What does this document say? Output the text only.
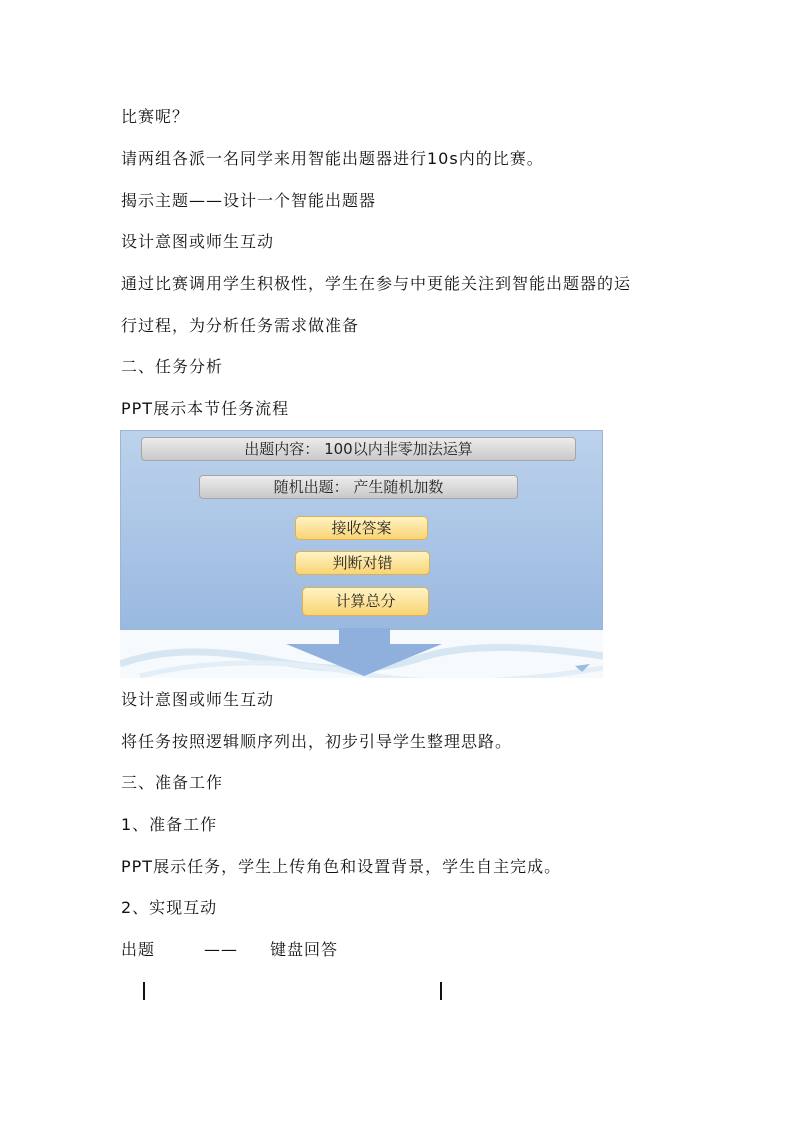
比赛呢？

请两组各派一名同学来用智能出题器进行10s内的比赛。

揭示主题——设计一个智能出题器

设计意图或师生互动

通过比赛调用学生积极性，学生在参与中更能关注到智能出题器的运

行过程，为分析任务需求做准备

二、任务分析

PPT展示本节任务流程

出题内容： 100以内非零加法运算
随机出题： 产生随机加数
接收答案
判断对错
计算总分

设计意图或师生互动

将任务按照逻辑顺序列出，初步引导学生整理思路。

三、准备工作

1、准备工作

PPT展示任务，学生上传角色和设置背景，学生自主完成。

2、实现互动

出题	—— 键盘回答
